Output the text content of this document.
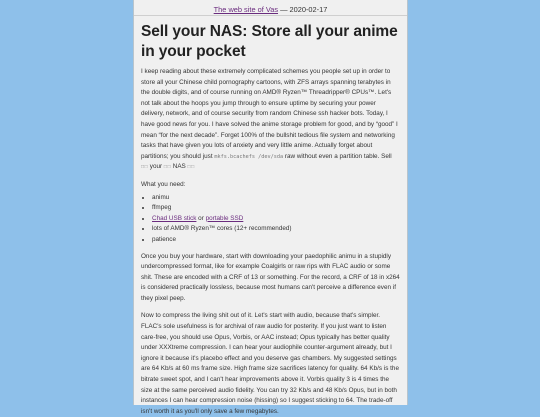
The web site of Vas — 2020-02-17
Sell your NAS: Store all your anime in your pocket

I keep reading about these extremely complicated schemes you people set up in order to store all your Chinese child pornography cartoons, with ZFS arrays spanning terabytes in the double digits, and of course running on AMD® Ryzen™ Threadripper® CPUs™. Let's not talk about the hoops you jump through to ensure uptime by securing your power delivery, network, and of course security from random Chinese ssh hacker bots. Today, I have good news for you. I have solved the anime storage problem for good, and by “good” I mean “for the next decade”. Forget 100% of the bullshit tedious file system and networking tasks that have given you lots of anxiety and very little anime. Actually forget about partitions; you should just mkfs.bcachefs /dev/sda raw without even a partition table. Sell □□ your □□ NAS □□

What you need:

• animu
• ffmpeg
• Chad USB stick or portable SSD
• lots of AMD® Ryzen™ cores (12+ recommended)
• patience

Once you buy your hardware, start with downloading your paedophilic animu in a stupidly undercompressed format, like for example Coalgirls or raw rips with FLAC audio or some shit. These are encoded with a CRF of 13 or something. For the record, a CRF of 18 in x264 is considered practically lossless, because most humans can't perceive a difference even if they pixel peep.

Now to compress the living shit out of it. Let's start with audio, because that's simpler. FLAC's sole usefulness is for archival of raw audio for posterity. If you just want to listen care-free, you should use Opus, Vorbis, or AAC instead; Opus typically has better quality under XXXtreme compression. I can hear your audiophile counter-argument already, but I ignore it because it's placebo effect and you deserve gas chambers. My suggested settings are 64 Kb/s at 60 ms frame size. High frame size sacrifices latency for quality. 64 Kb/s is the bitrate sweet spot, and I can't hear improvements above it. Vorbis quality 3 is 4 times the size at the same perceived audio fidelity. You can try 32 Kb/s and 48 Kb/s Opus, but in both instances I can hear compression noise (hissing) so I suggest sticking to 64. The trade-off isn't worth it as you'll only save a few megabytes.
